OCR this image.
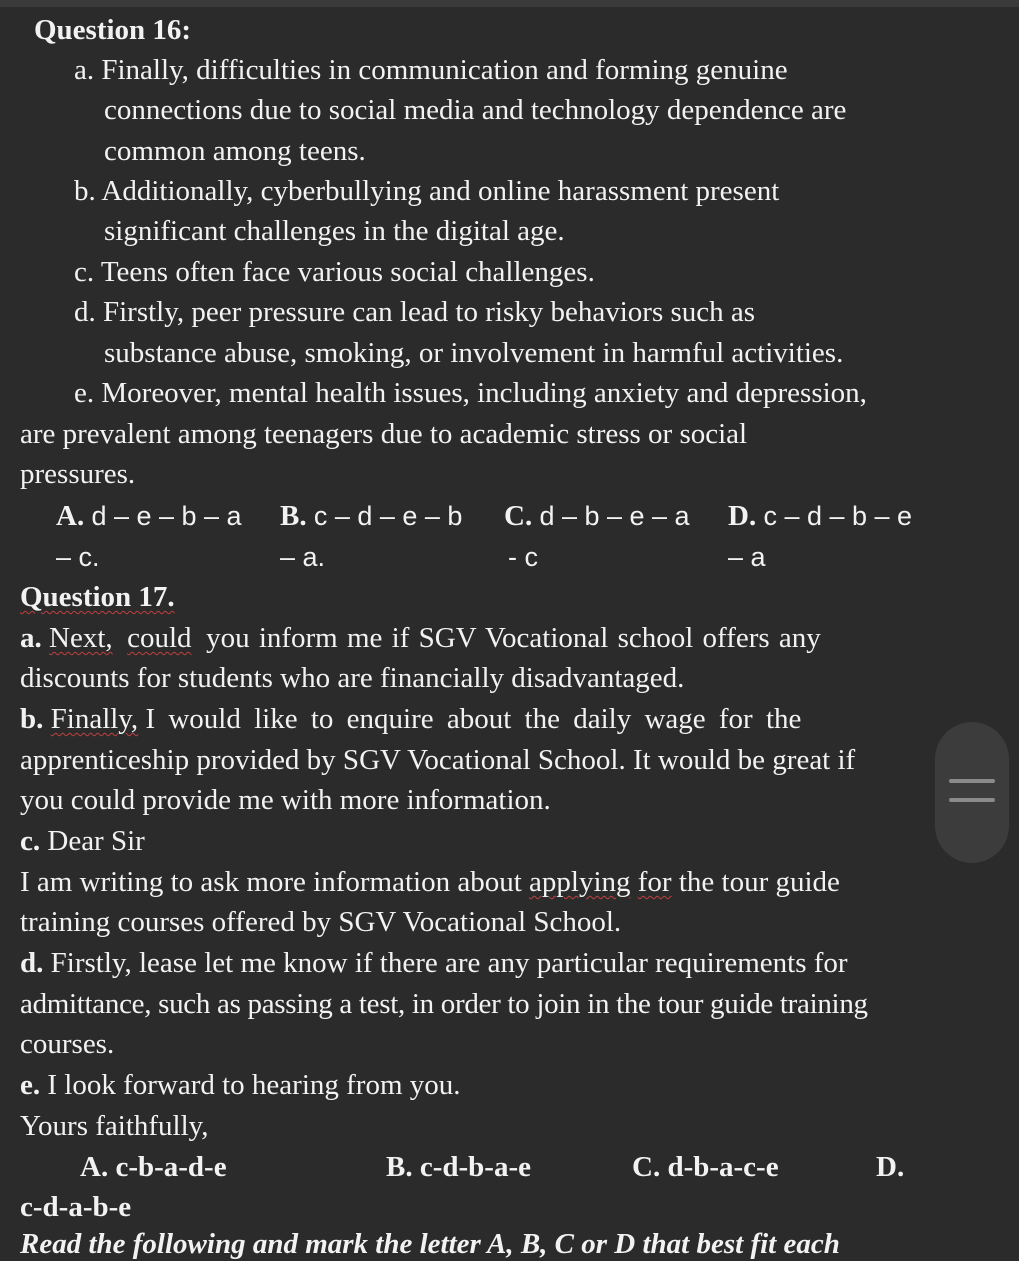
Question 16:
a. Finally, difficulties in communication and forming genuine
connections due to social media and technology dependence are
common among teens.
b. Additionally, cyberbullying and online harassment present
significant challenges in the digital age.
c. Teens often face various social challenges.
d. Firstly, peer pressure can lead to risky behaviors such as
substance abuse, smoking, or involvement in harmful activities.
e. Moreover, mental health issues, including anxiety and depression,
are prevalent among teenagers due to academic stress or social
pressures.
A. d – e – b – a
– c.
B. c – d – e – b
– a.
C. d – b – e – a
- c
D. c – d – b – e
– a
Question 17.
a. Next, could you inform me if SGV Vocational school offers any
discounts for students who are financially disadvantaged.
b. Finally, I would like to enquire about the daily wage for the
apprenticeship provided by SGV Vocational School. It would be great if
you could provide me with more information.
c. Dear Sir
I am writing to ask more information about applying for the tour guide
training courses offered by SGV Vocational School.
d. Firstly, lease let me know if there are any particular requirements for
admittance, such as passing a test, in order to join in the tour guide training
courses.
e. I look forward to hearing from you.
Yours faithfully,
A. c-b-a-d-e	B. c-d-b-a-e	C. d-b-a-c-e	D.
c-d-a-b-e
Read the following and mark the letter A, B, C or D that best fit each
